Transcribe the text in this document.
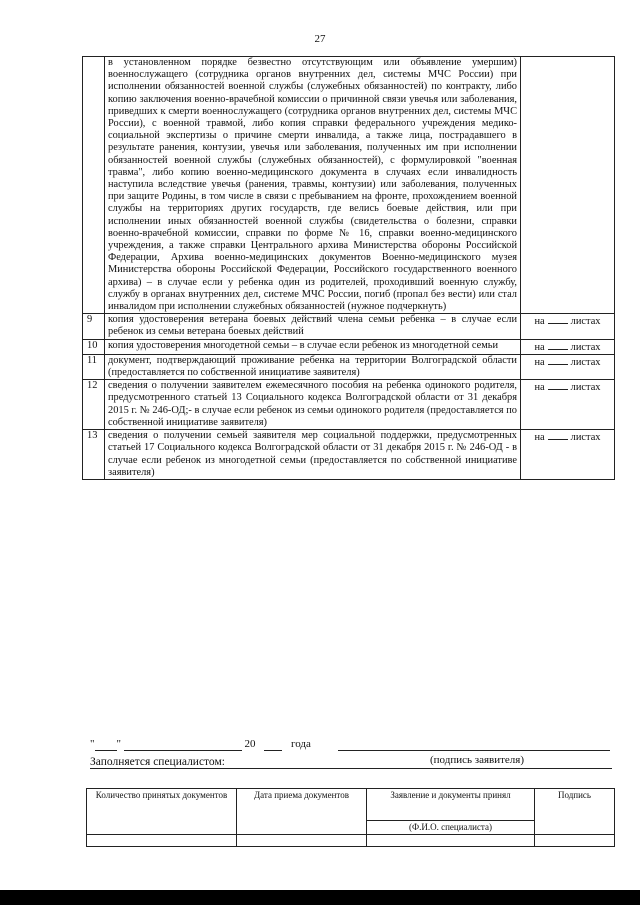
27
	в установленном порядке безвестно отсутствующим или объявление умершим) военнослужащего (сотрудника органов внутренних дел, системы МЧС России) при исполнении обязанностей военной службы (служебных обязанностей) по контракту, либо копию заключения военно-врачебной комиссии о причинной связи увечья или заболевания, приведших к смерти военнослужащего (сотрудника органов внутренних дел, системы МЧС России), с военной травмой, либо копия справки федерального учреждения медико-социальной экспертизы о причине смерти инвалида, а также лица, пострадавшего в результате ранения, контузии, увечья или заболевания, полученных им при исполнении обязанностей военной службы (служебных обязанностей), с формулировкой "военная травма", либо копию военно-медицинского документа в случаях если инвалидность наступила вследствие увечья (ранения, травмы, контузии) или заболевания, полученных при защите Родины, в том числе в связи с пребыванием на фронте, прохождением военной службы на территориях других государств, где велись боевые действия, или при исполнении иных обязанностей военной службы (свидетельства о болезни, справки военно-врачебной комиссии, справки по форме № 16, справки военно-медицинского учреждения, а также справки Центрального архива Министерства обороны Российской Федерации, Архива военно-медицинских документов Военно-медицинского музея Министерства обороны Российской Федерации, Российского государственного военного архива) – в случае если у ребенка один из родителей, проходивший военную службу, службу в органах внутренних дел, системе МЧС России, погиб (пропал без вести) или стал инвалидом при исполнении служебных обязанностей (нужное подчеркнуть)	
9	копия удостоверения ветерана боевых действий члена семьи ребенка – в случае если ребенок из семьи ветерана боевых действий	на листах
10	копия удостоверения многодетной семьи – в случае если ребенок из многодетной семьи	на листах
11	документ, подтверждающий проживание ребенка на территории Волгоградской области (предоставляется по собственной инициативе заявителя)	на листах
12	сведения о получении заявителем ежемесячного пособия на ребенка одинокого родителя, предусмотренного статьей 13 Социального кодекса Волгоградской области от 31 декабря 2015 г. № 246-ОД;- в случае если ребенок из семьи одинокого родителя (предоставляется по собственной инициативе заявителя)	на листах
13	сведения о получении семьей заявителя мер социальной поддержки, предусмотренных статьей 17 Социального кодекса Волгоградской области от 31 декабря 2015 г. № 246-ОД - в случае если ребенок из многодетной семьи (предоставляется по собственной инициативе заявителя)	на листах
" "	20	года
(подпись заявителя)
Заполняется специалистом:
Количество принятых документов	Дата приема документов	Заявление и документы принял	Подпись
		(Ф.И.О. специалиста)	
